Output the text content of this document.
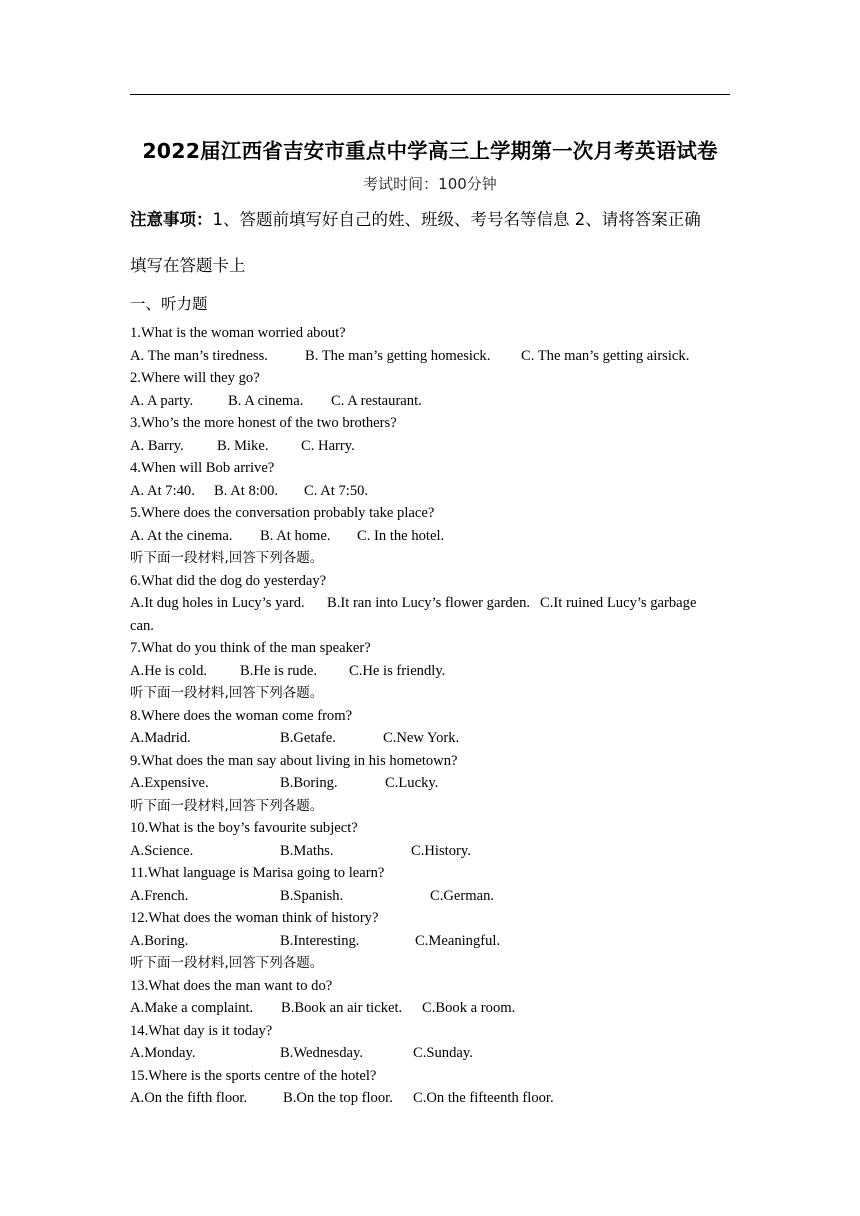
2022届江西省吉安市重点中学高三上学期第一次月考英语试卷
考试时间：100分钟
注意事项：1、答题前填写好自己的姓、班级、考号名等信息 2、请将答案正确
填写在答题卡上
一、听力题
1.What is the woman worried about?
A. The man’s tiredness.	B. The man’s getting homesick. C. The man’s getting airsick.
2.Where will they go?
A. A party. B. A cinema. C. A restaurant.
3.Who’s the more honest of the two brothers?
A. Barry. B. Mike. C. Harry.
4.When will Bob arrive?
A. At 7:40. B. At 8:00. C. At 7:50.
5.Where does the conversation probably take place?
A. At the cinema. B. At home. C. In the hotel.
听下面一段材料,回答下列各题。
6.What did the dog do yesterday?
A.It dug holes in Lucy’s yard. B.It ran into Lucy’s flower garden. C.It ruined Lucy’s garbage
can.
7.What do you think of the man speaker?
A.He is cold. B.He is rude. C.He is friendly.
听下面一段材料,回答下列各题。
8.Where does the woman come from?
A.Madrid.	B.Getafe.	C.New York.
9.What does the man say about living in his hometown?
A.Expensive.	B.Boring.	C.Lucky.
听下面一段材料,回答下列各题。
10.What is the boy’s favourite subject?
A.Science.	B.Maths.	C.History.
11.What language is Marisa going to learn?
A.French.	B.Spanish.	C.German.
12.What does the woman think of history?
A.Boring.	B.Interesting.	C.Meaningful.
听下面一段材料,回答下列各题。
13.What does the man want to do?
A.Make a complaint. B.Book an air ticket. C.Book a room.
14.What day is it today?
A.Monday.	B.Wednesday.	C.Sunday.
15.Where is the sports centre of the hotel?
A.On the fifth floor. B.On the top floor. C.On the fifteenth floor.
